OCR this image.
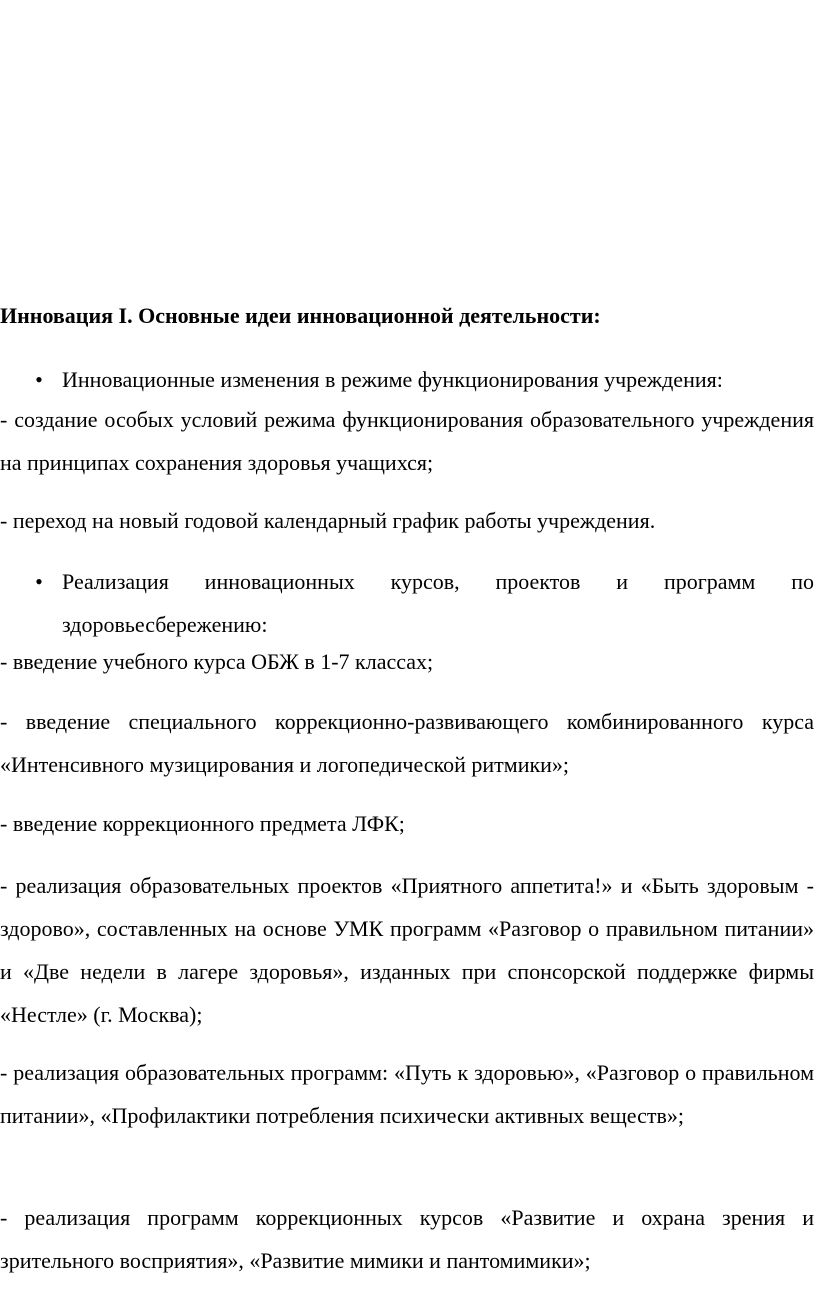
Инновация I. Основные идеи инновационной деятельности:

• Инновационные изменения в режиме функционирования учреждения:

- создание особых условий режима функционирования образовательного учреждения на принципах сохранения здоровья учащихся;

- переход на новый годовой календарный график работы учреждения.

• Реализация инновационных курсов, проектов и программ по здоровьесбережению:

- введение учебного курса ОБЖ в 1-7 классах;

- введение специального коррекционно-развивающего комбинированного курса «Интенсивного музицирования и логопедической ритмики»;

- введение коррекционного предмета ЛФК;

- реализация образовательных проектов «Приятного аппетита!» и «Быть здоровым - здорово», составленных на основе УМК программ «Разговор о правильном питании» и «Две недели в лагере здоровья», изданных при спонсорской поддержке фирмы «Нестле» (г. Москва);

- реализация образовательных программ: «Путь к здоровью», «Разговор о правильном питании», «Профилактики потребления психически активных веществ»;

- реализация программ коррекционных курсов «Развитие и охрана зрения и зрительного восприятия», «Развитие мимики и пантомимики»;
